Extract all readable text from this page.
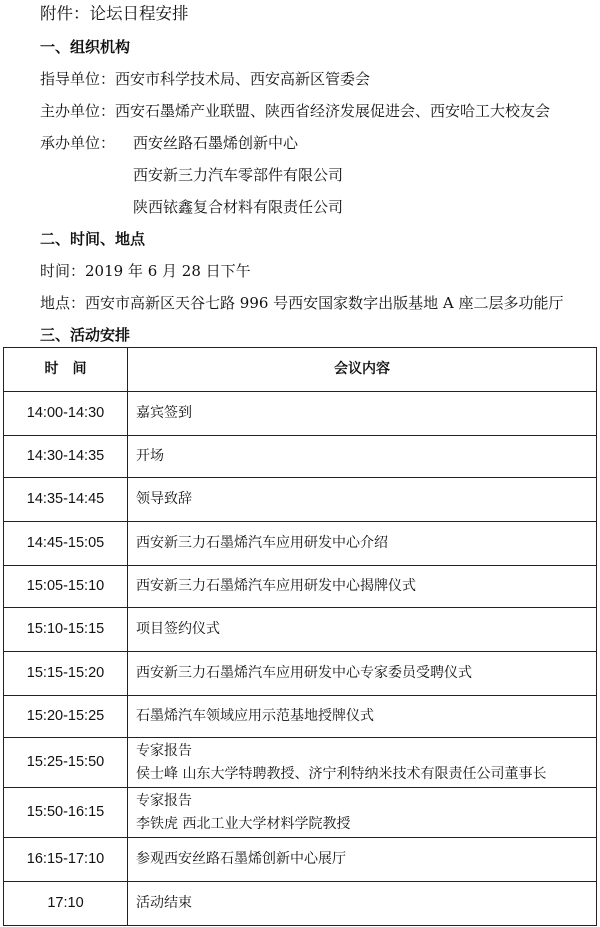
附件：论坛日程安排
一、组织机构
指导单位：西安市科学技术局、西安高新区管委会
主办单位：西安石墨烯产业联盟、陕西省经济发展促进会、西安哈工大校友会
承办单位： 西安丝路石墨烯创新中心
西安新三力汽车零部件有限公司
陕西铱鑫复合材料有限责任公司
二、时间、地点
时间：2019 年 6 月 28 日下午
地点：西安市高新区天谷七路 996 号西安国家数字出版基地 A 座二层多功能厅
三、活动安排
时间	会议内容
14:00-14:30	嘉宾签到

14:30-14:35	开场

14:35-14:45	领导致辞

14:45-15:05	西安新三力石墨烯汽车应用研发中心介绍

15:05-15:10	西安新三力石墨烯汽车应用研发中心揭牌仪式

15:10-15:15	项目签约仪式

15:15-15:20	西安新三力石墨烯汽车应用研发中心专家委员受聘仪式

15:20-15:25	石墨烯汽车领域应用示范基地授牌仪式

15:25-15:50	专家报告
侯士峰 山东大学特聘教授、济宁利特纳米技术有限责任公司董事长

15:50-16:15	专家报告
李铁虎 西北工业大学材料学院教授

16:15-17:10	参观西安丝路石墨烯创新中心展厅

17:10	活动结束
